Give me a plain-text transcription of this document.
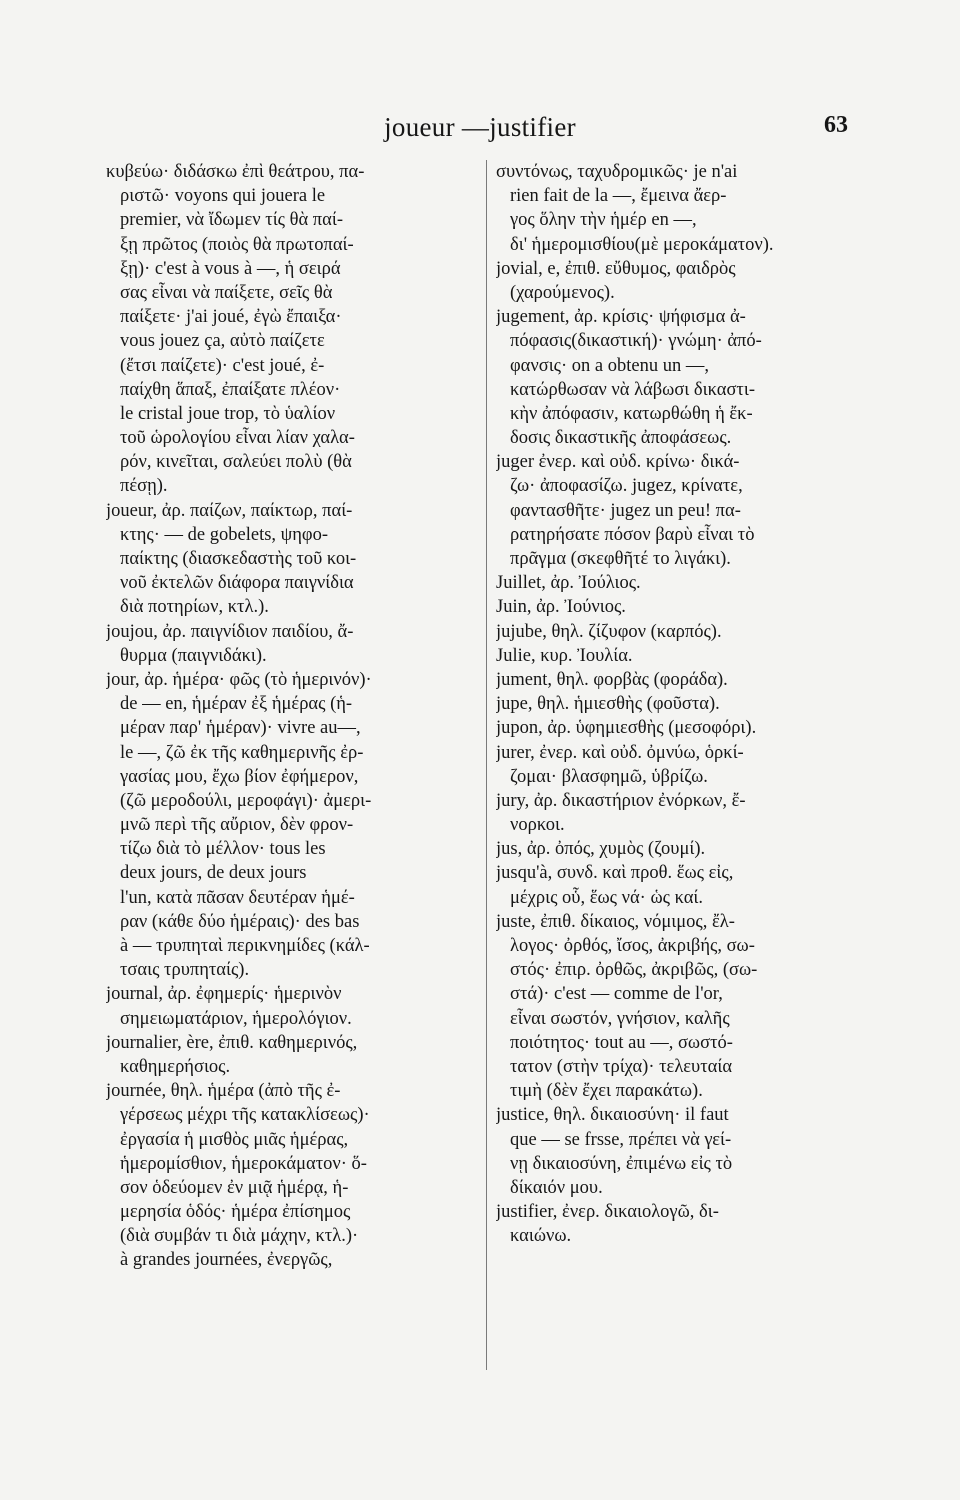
joueur —justifier	63
κυβεύω· διδάσκω ἐπὶ θεάτρου, πα-
ριστῶ· voyons qui jouera le
premier, νὰ ἴδωμεν τίς θὰ παί-
ξῃ πρῶτος (ποιὸς θὰ πρωτοπαί-
ξῃ)· c'est à vous à —, ἡ σειρά
σας εἶναι νὰ παίξετε, σεῖς θὰ
παίξετε· j'ai joué, ἐγὼ ἔπαιξα·
vous jouez ça, αὐτὸ παίζετε
(ἔτσι παίζετε)· c'est joué, ἐ-
παίχθη ἅπαξ, ἐπαίξατε πλέον·
le cristal joue trop, τὸ ὑαλίον
τοῦ ὡρολογίου εἶναι λίαν χαλα-
ρόν, κινεῖται, σαλεύει πολὺ (θὰ
πέσῃ).
joueur, ἀρ. παίζων, παίκτωρ, παί-
κτης· — de gobelets, ψηφο-
παίκτης (διασκεδαστὴς τοῦ κοι-
νοῦ ἐκτελῶν διάφορα παιγνίδια
διὰ ποτηρίων, κτλ.).
joujou, ἀρ. παιγνίδιον παιδίου, ἄ-
θυρμα (παιγνιδάκι).
jour, ἀρ. ἡμέρα· φῶς (τὸ ἡμερινόν)·
de — en, ἡμέραν ἐξ ἡμέρας (ἡ-
μέραν παρ' ἡμέραν)· vivre au—,
le —, ζῶ ἐκ τῆς καθημερινῆς ἐρ-
γασίας μου, ἔχω βίον ἐφήμερον,
(ζῶ μεροδούλι, μεροφάγι)· ἀμερι-
μνῶ περὶ τῆς αὔριον, δὲν φρον-
τίζω διὰ τὸ μέλλον· tous les
deux jours, de deux jours
l'un, κατὰ πᾶσαν δευτέραν ἡμέ-
ραν (κάθε δύο ἡμέραις)· des bas
à — τρυπηταὶ περικνημίδες (κάλ-
τσαις τρυπηταίς).
journal, ἀρ. ἐφημερίς· ἡμερινὸν
σημειωματάριον, ἡμερολόγιον.
journalier, ère, ἐπιθ. καθημερινός,
καθημερήσιος.
journée, θηλ. ἡμέρα (ἀπὸ τῆς ἐ-
γέρσεως μέχρι τῆς κατακλίσεως)·
ἐργασία ἡ μισθὸς μιᾶς ἡμέρας,
ἡμερομίσθιον, ἡμεροκάματον· ὅ-
σον ὁδεύομεν ἐν μιᾷ ἡμέρᾳ, ἡ-
μερησία ὁδός· ἡμέρα ἐπίσημος
(διὰ συμβάν τι διὰ μάχην, κτλ.)·
à grandes journées, ἐνεργῶς,
συντόνως, ταχυδρομικῶς· je n'ai
rien fait de la —, ἔμεινα ἄερ-
γος ὅλην τὴν ἡμέρ en —,
δι' ἡμερομισθίου(μὲ μεροκάματον).
jovial, e, ἐπιθ. εὔθυμος, φαιδρὸς
(χαρούμενος).
jugement, ἀρ. κρίσις· ψήφισμα ἀ-
πόφασις(δικαστική)· γνώμη· ἀπό-
φανσις· on a obtenu un —,
κατώρθωσαν νὰ λάβωσι δικαστι-
κὴν ἀπόφασιν, κατωρθώθη ἡ ἔκ-
δοσις δικαστικῆς ἀποφάσεως.
juger ἐνερ. καὶ οὐδ. κρίνω· δικά-
ζω· ἀποφασίζω. jugez, κρίνατε,
φαντασθῆτε· jugez un peu! πα-
ρατηρήσατε πόσον βαρὺ εἶναι τὸ
πρᾶγμα (σκεφθῆτέ το λιγάκι).
Juillet, ἀρ. Ἰούλιος.
Juin, ἀρ. Ἰούνιος.
jujube, θηλ. ζίζυφον (καρπός).
Julie, κυρ. Ἰουλία.
jument, θηλ. φορβὰς (φοράδα).
jupe, θηλ. ἡμιεσθὴς (φοῦστα).
jupon, ἀρ. ὑφημιεσθὴς (μεσοφόρι).
jurer, ἐνερ. καὶ οὐδ. ὀμνύω, ὁρκί-
ζομαι· βλασφημῶ, ὑβρίζω.
jury, ἀρ. δικαστήριον ἐνόρκων, ἔ-
νορκοι.
jus, ἀρ. ὀπός, χυμὸς (ζουμί).
jusqu'à, συνδ. καὶ προθ. ἕως εἰς,
μέχρις οὗ, ἕως νά· ὡς καί.
juste, ἐπιθ. δίκαιος, νόμιμος, ἔλ-
λογος· ὀρθός, ἴσος, ἀκριβής, σω-
στός· ἐπιρ. ὀρθῶς, ἀκριβῶς, (σω-
στά)· c'est — comme de l'or,
εἶναι σωστόν, γνήσιον, καλῆς
ποιότητος· tout au —, σωστό-
τατον (στὴν τρίχα)· τελευταία
τιμὴ (δὲν ἔχει παρακάτω).
justice, θηλ. δικαιοσύνη· il faut
que — se frsse, πρέπει νὰ γεί-
νῃ δικαιοσύνη, ἐπιμένω εἰς τὸ
δίκαιόν μου.
justifier, ἐνερ. δικαιολογῶ, δι-
καιώνω.
